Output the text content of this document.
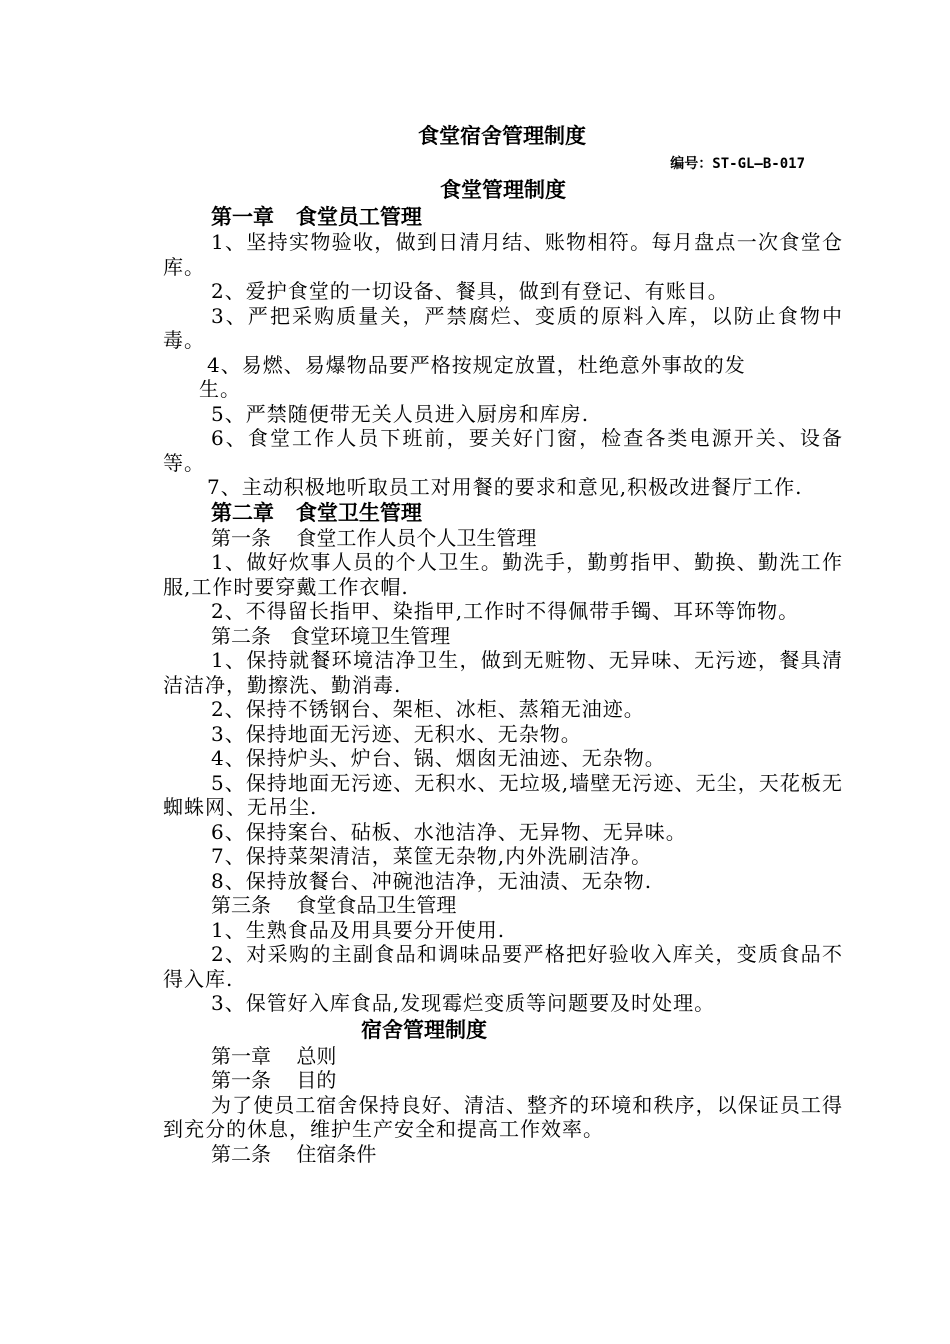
食堂宿舍管理制度
编号：ST-GL—B-017
食堂管理制度
第一章   食堂员工管理

1、坚持实物验收，做到日清月结、账物相符。每月盘点一次食堂仓库。

2、爱护食堂的一切设备、餐具，做到有登记、有账目。

3、严把采购质量关，严禁腐烂、变质的原料入库，以防止食物中毒。

4、易燃、易爆物品要严格按规定放置，杜绝意外事故的发
生。

5、严禁随便带无关人员进入厨房和库房.

6、食堂工作人员下班前，要关好门窗，检查各类电源开关、设备等。

7、主动积极地听取员工对用餐的要求和意见,积极改进餐厅工作.

第二章   食堂卫生管理
第一条    食堂工作人员个人卫生管理

1、做好炊事人员的个人卫生。勤洗手，勤剪指甲、勤换、勤洗工作服,工作时要穿戴工作衣帽.

2、不得留长指甲、染指甲,工作时不得佩带手镯、耳环等饰物。

第二条   食堂环境卫生管理

1、保持就餐环境洁净卫生，做到无赃物、无异味、无污迹，餐具清洁洁净，勤擦洗、勤消毒.

2、保持不锈钢台、架柜、冰柜、蒸箱无油迹。

3、保持地面无污迹、无积水、无杂物。

4、保持炉头、炉台、锅、烟囱无油迹、无杂物。

5、保持地面无污迹、无积水、无垃圾,墙壁无污迹、无尘，天花板无蜘蛛网、无吊尘.

6、保持案台、砧板、水池洁净、无异物、无异味。

7、保持菜架清洁，菜筐无杂物,内外洗刷洁净。

8、保持放餐台、冲碗池洁净，无油渍、无杂物.

第三条    食堂食品卫生管理

1、生熟食品及用具要分开使用.

2、对采购的主副食品和调味品要严格把好验收入库关，变质食品不得入库.

3、保管好入库食品,发现霉烂变质等问题要及时处理。

宿舍管理制度
第一章    总则
第一条    目的

为了使员工宿舍保持良好、清洁、整齐的环境和秩序，以保证员工得到充分的休息，维护生产安全和提高工作效率。

第二条    住宿条件
